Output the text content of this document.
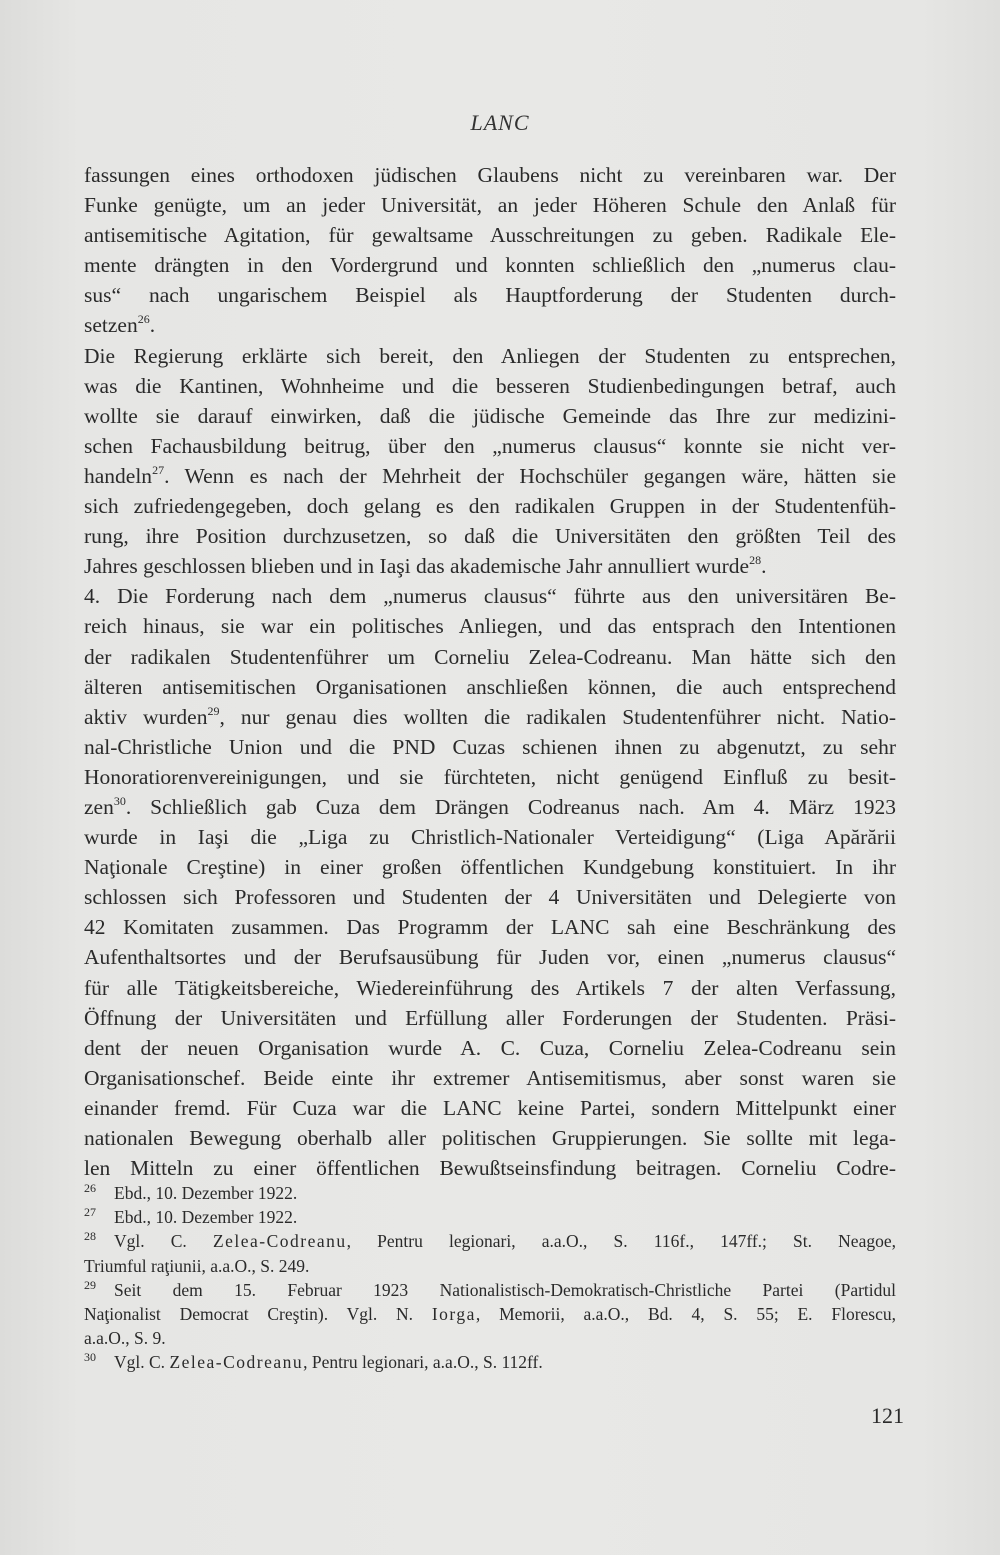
LANC
fassungen eines orthodoxen jüdischen Glaubens nicht zu vereinbaren war. Der
Funke genügte, um an jeder Universität, an jeder Höheren Schule den Anlaß für
antisemitische Agitation, für gewaltsame Ausschreitungen zu geben. Radikale Ele-
mente drängten in den Vordergrund und konnten schließlich den „numerus clau-
sus“ nach ungarischem Beispiel als Hauptforderung der Studenten durch-
setzen$^{26}$.
Die Regierung erklärte sich bereit, den Anliegen der Studenten zu entsprechen,
was die Kantinen, Wohnheime und die besseren Studienbedingungen betraf, auch
wollte sie darauf einwirken, daß die jüdische Gemeinde das Ihre zur medizini-
schen Fachausbildung beitrug, über den „numerus clausus“ konnte sie nicht ver-
handeln$^{27}$. Wenn es nach der Mehrheit der Hochschüler gegangen wäre, hätten sie
sich zufriedengegeben, doch gelang es den radikalen Gruppen in der Studentenfüh-
rung, ihre Position durchzusetzen, so daß die Universitäten den größten Teil des
Jahres geschlossen blieben und in Iaşi das akademische Jahr annulliert wurde$^{28}$.
4. Die Forderung nach dem „numerus clausus“ führte aus den universitären Be-
reich hinaus, sie war ein politisches Anliegen, und das entsprach den Intentionen
der radikalen Studentenführer um Corneliu Zelea-Codreanu. Man hätte sich den
älteren antisemitischen Organisationen anschließen können, die auch entsprechend
aktiv wurden$^{29}$, nur genau dies wollten die radikalen Studentenführer nicht. Natio-
nal-Christliche Union und die PND Cuzas schienen ihnen zu abgenutzt, zu sehr
Honoratiorenvereinigungen, und sie fürchteten, nicht genügend Einfluß zu besit-
zen$^{30}$. Schließlich gab Cuza dem Drängen Codreanus nach. Am 4. März 1923
wurde in Iaşi die „Liga zu Christlich-Nationaler Verteidigung“ (Liga Apărării
Naţionale Creştine) in einer großen öffentlichen Kundgebung konstituiert. In ihr
schlossen sich Professoren und Studenten der 4 Universitäten und Delegierte von
42 Komitaten zusammen. Das Programm der LANC sah eine Beschränkung des
Aufenthaltsortes und der Berufsausübung für Juden vor, einen „numerus clausus“
für alle Tätigkeitsbereiche, Wiedereinführung des Artikels 7 der alten Verfassung,
Öffnung der Universitäten und Erfüllung aller Forderungen der Studenten. Präsi-
dent der neuen Organisation wurde A. C. Cuza, Corneliu Zelea-Codreanu sein
Organisationschef. Beide einte ihr extremer Antisemitismus, aber sonst waren sie
einander fremd. Für Cuza war die LANC keine Partei, sondern Mittelpunkt einer
nationalen Bewegung oberhalb aller politischen Gruppierungen. Sie sollte mit lega-
len Mitteln zu einer öffentlichen Bewußtseinsfindung beitragen. Corneliu Codre-
26 Ebd., 10. Dezember 1922.
27 Ebd., 10. Dezember 1922.
28 Vgl. C. Zelea-Codreanu, Pentru legionari, a.a.O., S. 116f., 147ff.; St. Neagoe,
Triumful raţiunii, a.a.O., S. 249.
29 Seit dem 15. Februar 1923 Nationalistisch-Demokratisch-Christliche Partei (Partidul
Naţionalist Democrat Creştin). Vgl. N. Iorga, Memorii, a.a.O., Bd. 4, S. 55; E. Florescu,
a.a.O., S. 9.
30 Vgl. C. Zelea-Codreanu, Pentru legionari, a.a.O., S. 112ff.
121
